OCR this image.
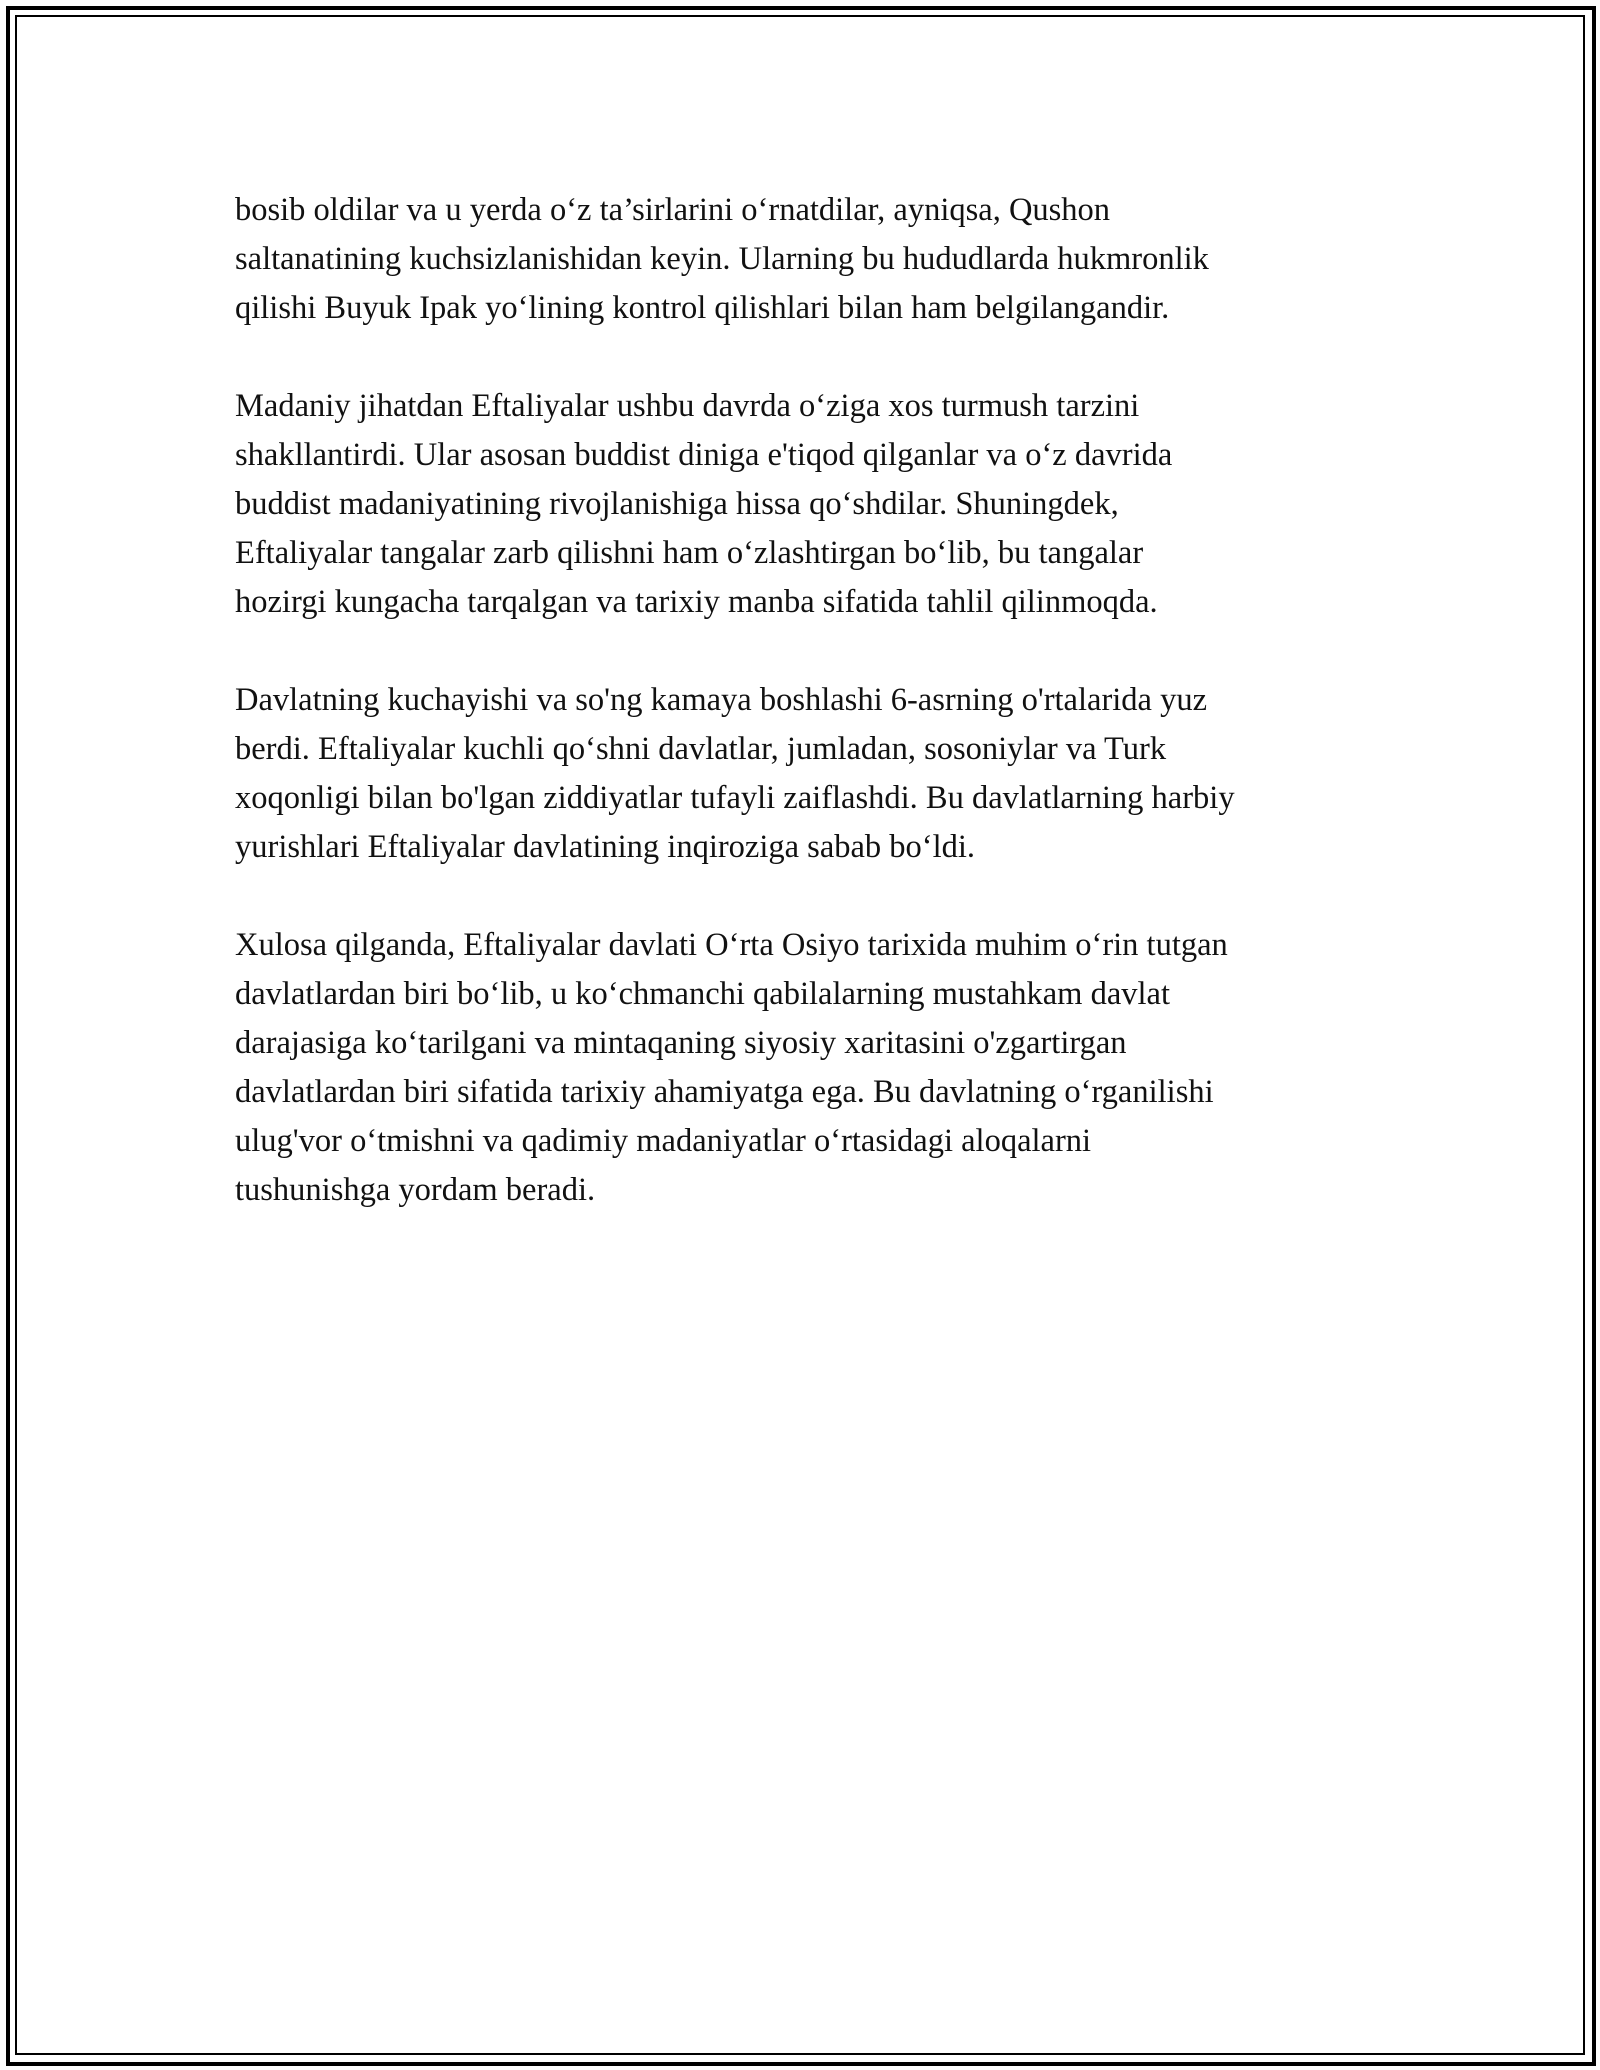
bosib oldilar va u yerda o‘z ta’sirlarini o‘rnatdilar, ayniqsa, Qushon
saltanatining kuchsizlanishidan keyin. Ularning bu hududlarda hukmronlik
qilishi Buyuk Ipak yo‘lining kontrol qilishlari bilan ham belgilangandir.

Madaniy jihatdan Eftaliyalar ushbu davrda o‘ziga xos turmush tarzini
shakllantirdi. Ular asosan buddist diniga e'tiqod qilganlar va o‘z davrida
buddist madaniyatining rivojlanishiga hissa qo‘shdilar. Shuningdek,
Eftaliyalar tangalar zarb qilishni ham o‘zlashtirgan bo‘lib, bu tangalar
hozirgi kungacha tarqalgan va tarixiy manba sifatida tahlil qilinmoqda.

Davlatning kuchayishi va so'ng kamaya boshlashi 6-asrning o'rtalarida yuz
berdi. Eftaliyalar kuchli qo‘shni davlatlar, jumladan, sosoniylar va Turk
xoqonligi bilan bo'lgan ziddiyatlar tufayli zaiflashdi. Bu davlatlarning harbiy
yurishlari Eftaliyalar davlatining inqiroziga sabab bo‘ldi.

Xulosa qilganda, Eftaliyalar davlati O‘rta Osiyo tarixida muhim o‘rin tutgan
davlatlardan biri bo‘lib, u ko‘chmanchi qabilalarning mustahkam davlat
darajasiga ko‘tarilgani va mintaqaning siyosiy xaritasini o'zgartirgan
davlatlardan biri sifatida tarixiy ahamiyatga ega. Bu davlatning o‘rganilishi
ulug'vor o‘tmishni va qadimiy madaniyatlar o‘rtasidagi aloqalarni
tushunishga yordam beradi.
